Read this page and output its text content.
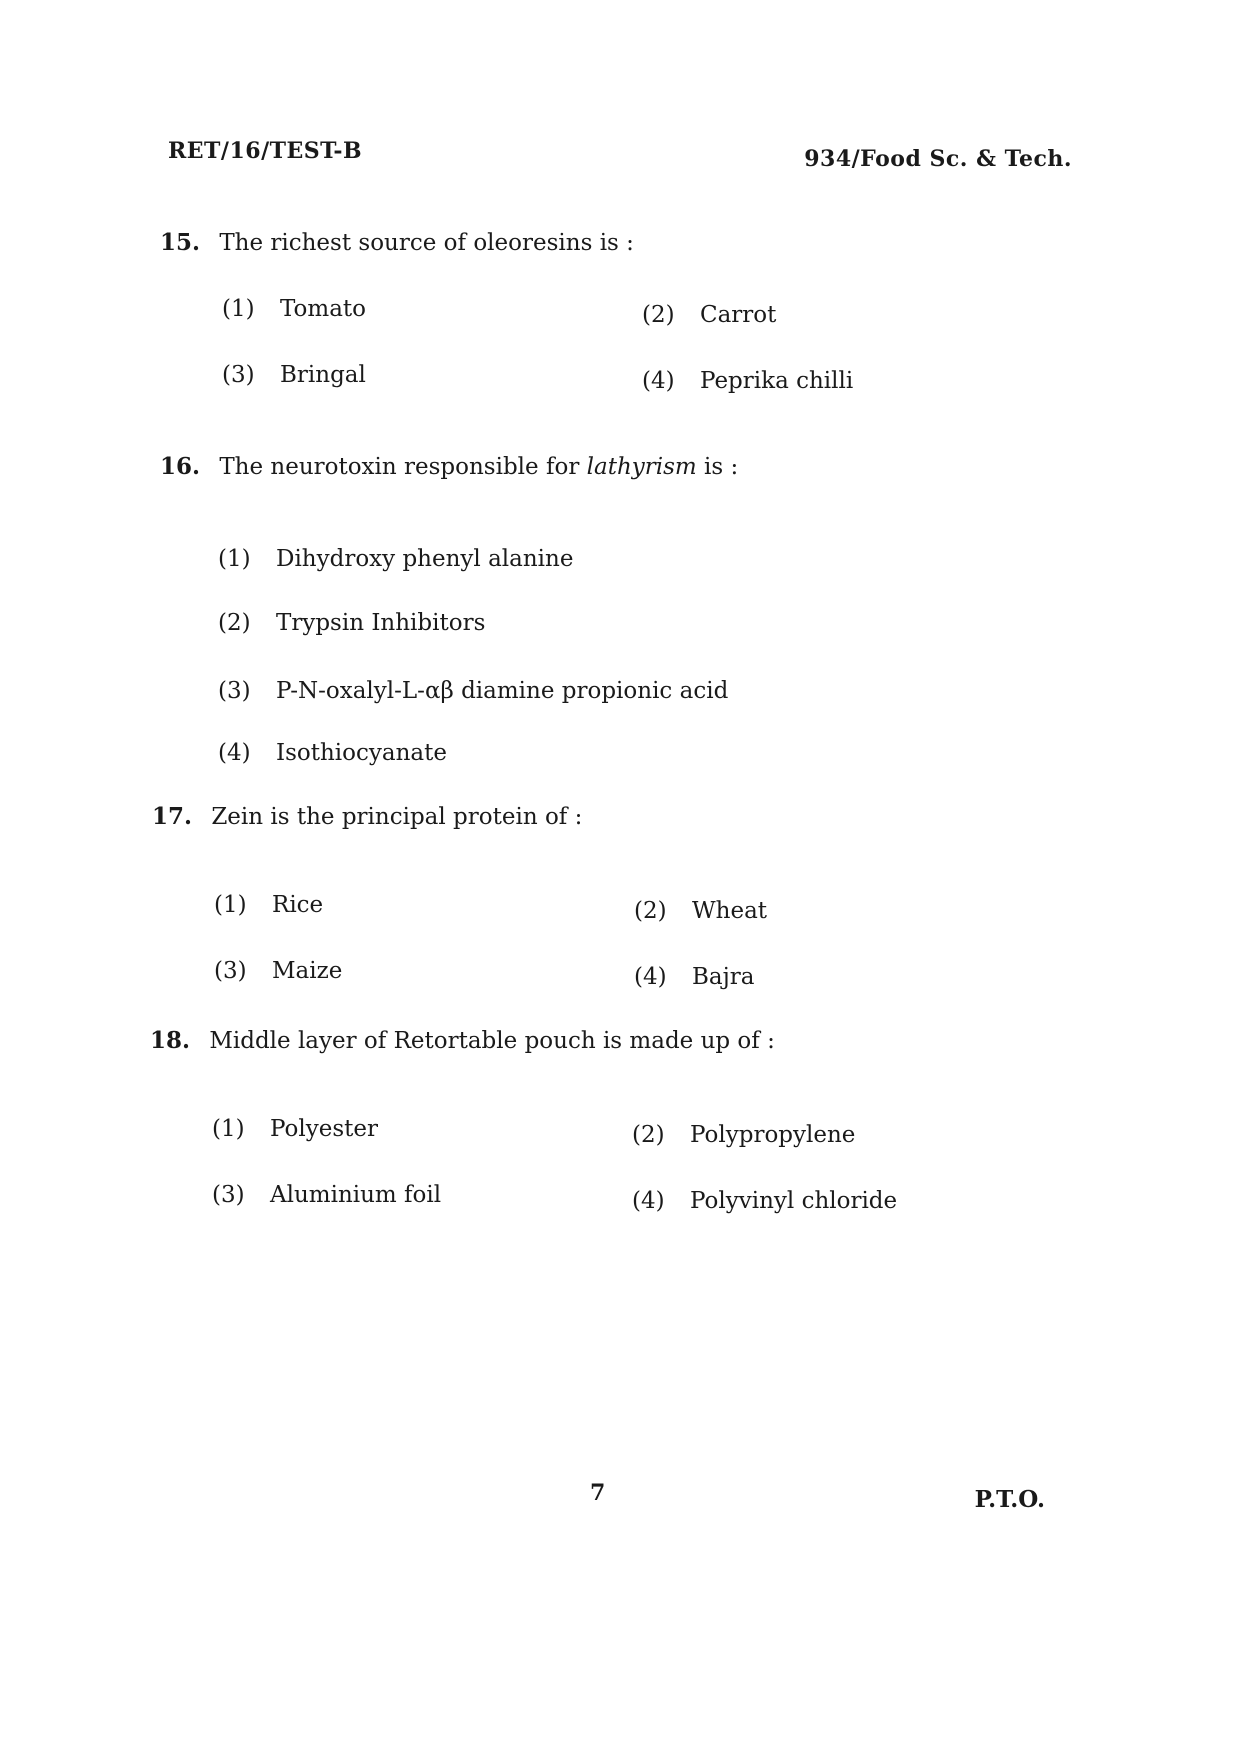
RET/16/TEST-B	934/Food Sc. & Tech.
15. The richest source of oleoresins is :
(1) Tomato	(2) Carrot
(3) Bringal	(4) Peprika chilli
16. The neurotoxin responsible for lathyrism is :
(1) Dihydroxy phenyl alanine
(2) Trypsin Inhibitors
(3) P-N-oxalyl-L-αβ diamine propionic acid
(4) Isothiocyanate
17. Zein is the principal protein of :
(1) Rice	(2) Wheat
(3) Maize	(4) Bajra
18. Middle layer of Retortable pouch is made up of :
(1) Polyester	(2) Polypropylene
(3) Aluminium foil	(4) Polyvinyl chloride
7	P.T.O.
